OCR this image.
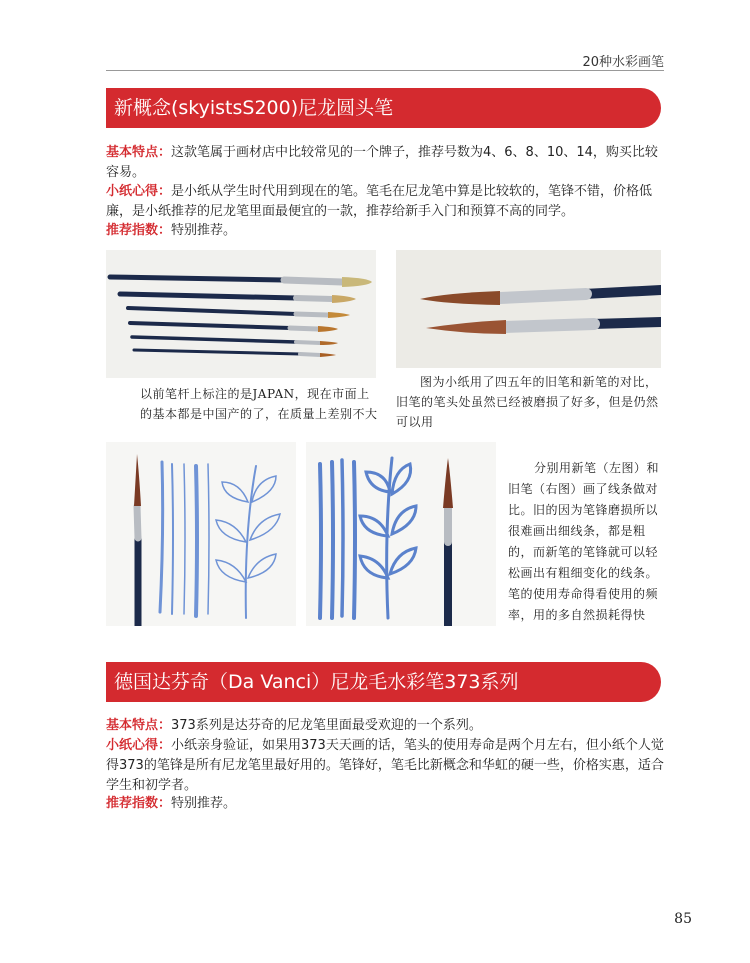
20种水彩画笔
新概念(skyistsS200)尼龙圆头笔
基本特点：这款笔属于画材店中比较常见的一个牌子，推荐号数为4、6、8、10、14，购买比较容易。
小纸心得：是小纸从学生时代用到现在的笔。笔毛在尼龙笔中算是比较软的，笔锋不错，价格低廉，是小纸推荐的尼龙笔里面最便宜的一款，推荐给新手入门和预算不高的同学。
推荐指数：特别推荐。
以前笔杆上标注的是JAPAN，现在市面上的基本都是中国产的了，在质量上差别不大
图为小纸用了四五年的旧笔和新笔的对比，旧笔的笔头处虽然已经被磨损了好多，但是仍然可以用
分别用新笔（左图）和旧笔（右图）画了线条做对比。旧的因为笔锋磨损所以很难画出细线条，都是粗的，而新笔的笔锋就可以轻松画出有粗细变化的线条。笔的使用寿命得看使用的频率，用的多自然损耗得快
德国达芬奇（Da Vanci）尼龙毛水彩笔373系列
基本特点：373系列是达芬奇的尼龙笔里面最受欢迎的一个系列。
小纸心得：小纸亲身验证，如果用373天天画的话，笔头的使用寿命是两个月左右，但小纸个人觉得373的笔锋是所有尼龙笔里最好用的。笔锋好，笔毛比新概念和华虹的硬一些，价格实惠，适合学生和初学者。
推荐指数：特别推荐。
85
